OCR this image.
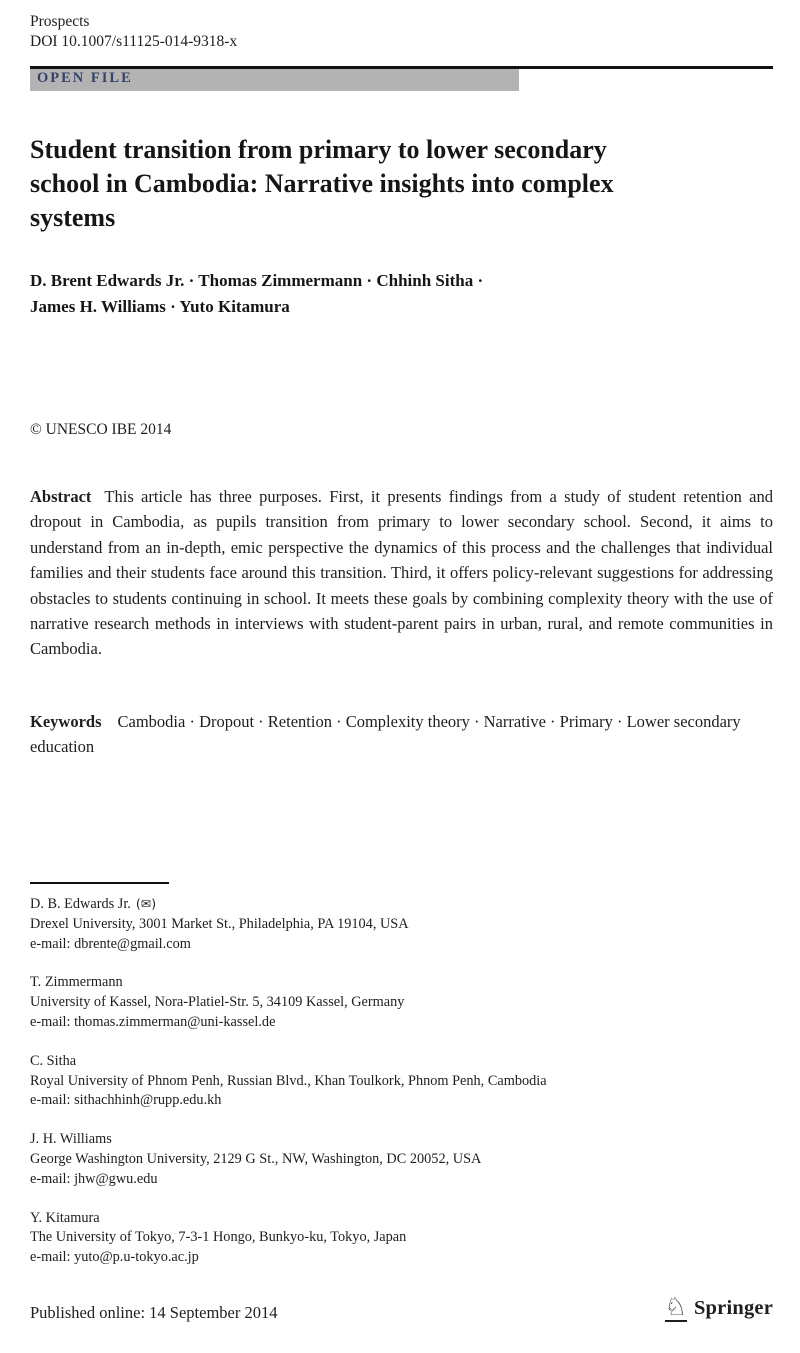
Prospects
DOI 10.1007/s11125-014-9318-x
OPEN FILE
Student transition from primary to lower secondary
school in Cambodia: Narrative insights into complex
systems
D. Brent Edwards Jr. · Thomas Zimmermann · Chhinh Sitha ·
James H. Williams · Yuto Kitamura
© UNESCO IBE 2014

Abstract This article has three purposes. First, it presents findings from a study of student retention and dropout in Cambodia, as pupils transition from primary to lower secondary school. Second, it aims to understand from an in-depth, emic perspective the dynamics of this process and the challenges that individual families and their students face around this transition. Third, it offers policy-relevant suggestions for addressing obstacles to students continuing in school. It meets these goals by combining complexity theory with the use of narrative research methods in interviews with student-parent pairs in urban, rural, and remote communities in Cambodia.

Keywords Cambodia · Dropout · Retention · Complexity theory · Narrative · Primary · Lower secondary education

D. B. Edwards Jr. (✉)
Drexel University, 3001 Market St., Philadelphia, PA 19104, USA
e-mail: dbrente@gmail.com
T. Zimmermann
University of Kassel, Nora-Platiel-Str. 5, 34109 Kassel, Germany
e-mail: thomas.zimmerman@uni-kassel.de
C. Sitha
Royal University of Phnom Penh, Russian Blvd., Khan Toulkork, Phnom Penh, Cambodia
e-mail: sithachhinh@rupp.edu.kh
J. H. Williams
George Washington University, 2129 G St., NW, Washington, DC 20052, USA
e-mail: jhw@gwu.edu
Y. Kitamura
The University of Tokyo, 7-3-1 Hongo, Bunkyo-ku, Tokyo, Japan
e-mail: yuto@p.u-tokyo.ac.jp
Published online: 14 September 2014	♘ Springer
